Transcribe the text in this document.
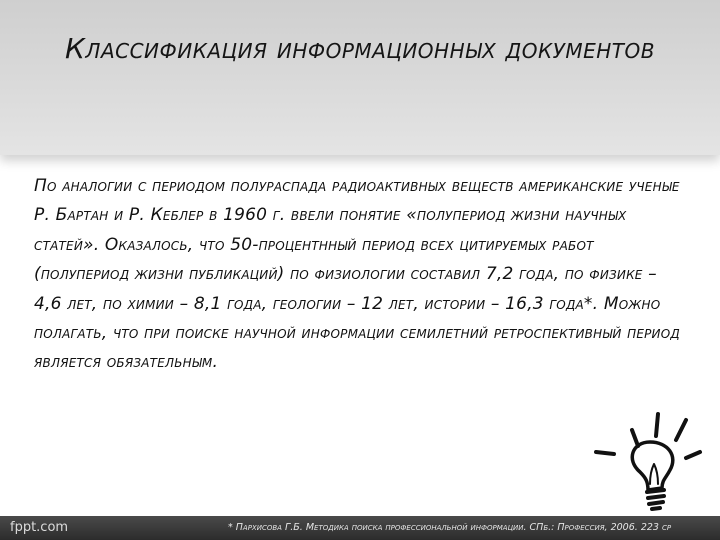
Классификация информационных документов

По аналогии с периодом полураспада радиоактивных веществ американские ученые Р. Бартан и Р. Кеблер в 1960 г. ввели понятие «полупериод жизни научных статей». Оказалось, что 50-процентнный период всех цитируемых работ (полупериод жизни публикаций) по физиологии составил 7,2 года, по физике – 4,6 лет, по химии – 8,1 года, геологии – 12 лет, истории – 16,3 года*. Можно полагать, что при поиске научной информации семилетний ретроспективный период является обязательным.

fppt.com	* Пархисова Г.Б. Методика поиска профессиональной информации. СПб.: Профессия, 2006. 223 ср
